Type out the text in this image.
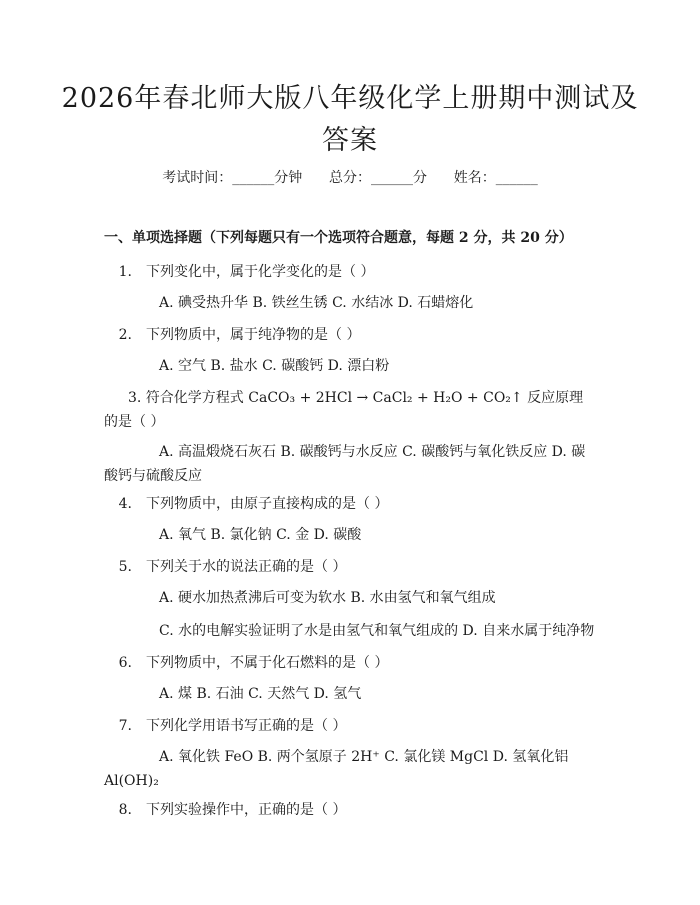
2026年春北师大版八年级化学上册期中测试及答案
考试时间：______分钟      总分：______分      姓名：______
一、单项选择题（下列每题只有一个选项符合题意，每题 2 分，共 20 分）
1. 下列变化中，属于化学变化的是（ ）
A. 碘受热升华 B. 铁丝生锈 C. 水结冰 D. 石蜡熔化
2. 下列物质中，属于纯净物的是（ ）
A. 空气 B. 盐水 C. 碳酸钙 D. 漂白粉
3. 符合化学方程式 CaCO₃ + 2HCl → CaCl₂ + H₂O + CO₂↑ 反应原理的是（ ）
A. 高温煅烧石灰石 B. 碳酸钙与水反应 C. 碳酸钙与氧化铁反应 D. 碳酸钙与硫酸反应
4. 下列物质中，由原子直接构成的是（ ）
A. 氧气 B. 氯化钠 C. 金 D. 碳酸
5. 下列关于水的说法正确的是（ ）
A. 硬水加热煮沸后可变为软水 B. 水由氢气和氧气组成
C. 水的电解实验证明了水是由氢气和氧气组成的 D. 自来水属于纯净物
6. 下列物质中，不属于化石燃料的是（ ）
A. 煤 B. 石油 C. 天然气 D. 氢气
7. 下列化学用语书写正确的是（ ）
A. 氧化铁 FeO B. 两个氢原子 2H⁺ C. 氯化镁 MgCl D. 氢氧化铝 Al(OH)₂
8. 下列实验操作中，正确的是（ ）
